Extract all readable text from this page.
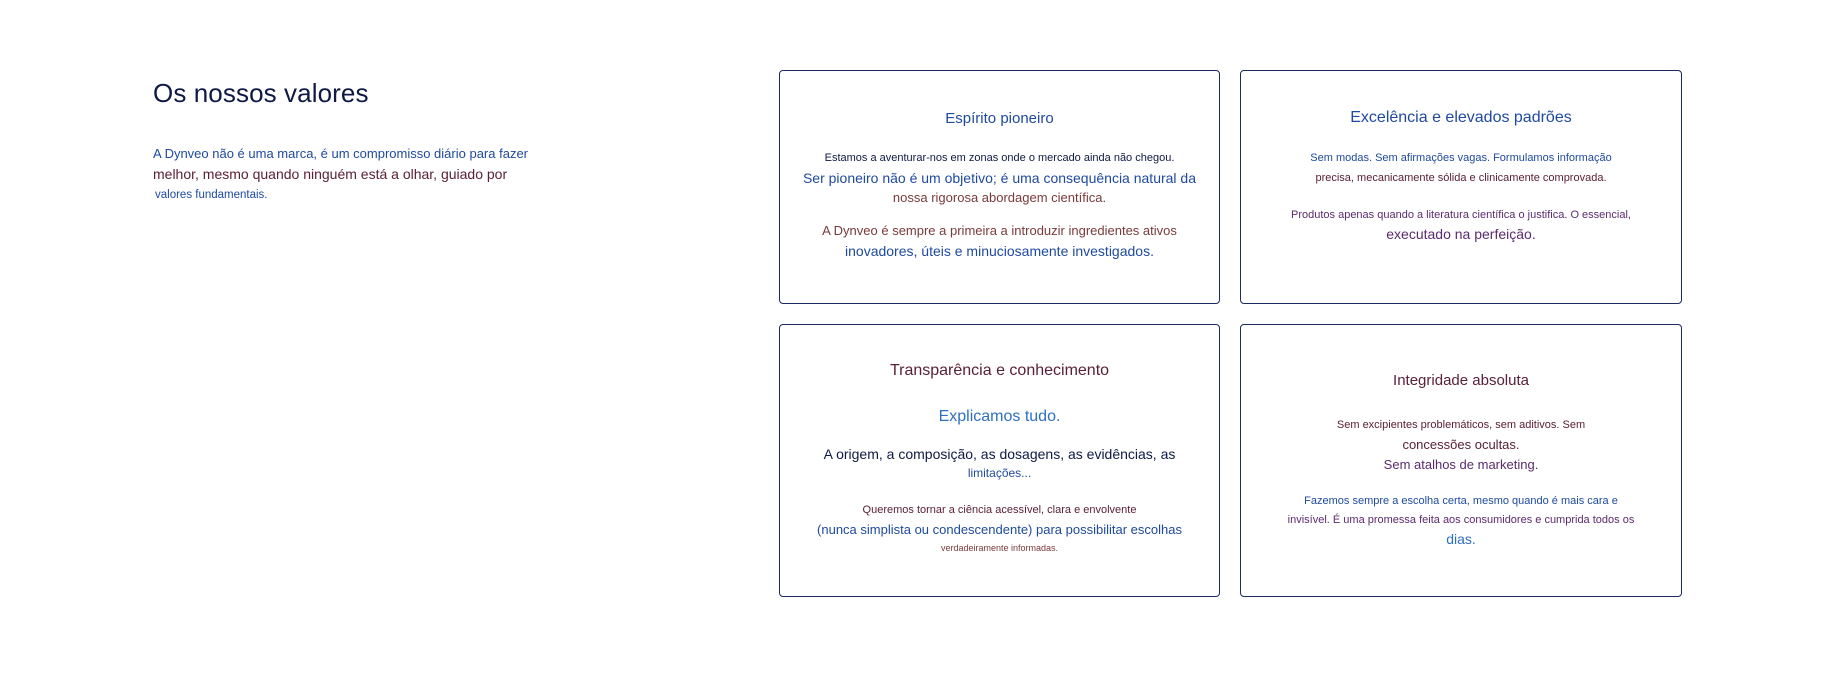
Os nossos valores
A Dynveo não é uma marca, é um compromisso diário para fazer
melhor, mesmo quando ninguém está a olhar, guiado por
valores fundamentais.
Espírito pioneiro

Estamos a aventurar-nos em zonas onde o mercado ainda não chegou.
Ser pioneiro não é um objetivo; é uma consequência natural da
nossa rigorosa abordagem científica.

A Dynveo é sempre a primeira a introduzir ingredientes ativos
inovadores, úteis e minuciosamente investigados.

Excelência e elevados padrões

Sem modas. Sem afirmações vagas. Formulamos informação
precisa, mecanicamente sólida e clinicamente comprovada.

Produtos apenas quando a literatura científica o justifica. O essencial,
executado na perfeição.

Transparência e conhecimento

Explicamos tudo.

A origem, a composição, as dosagens, as evidências, as
limitações...

Queremos tornar a ciência acessível, clara e envolvente
(nunca simplista ou condescendente) para possibilitar escolhas
verdadeiramente informadas.

Integridade absoluta

Sem excipientes problemáticos, sem aditivos. Sem
concessões ocultas.
Sem atalhos de marketing.

Fazemos sempre a escolha certa, mesmo quando é mais cara e
invisível. É uma promessa feita aos consumidores e cumprida todos os
dias.
